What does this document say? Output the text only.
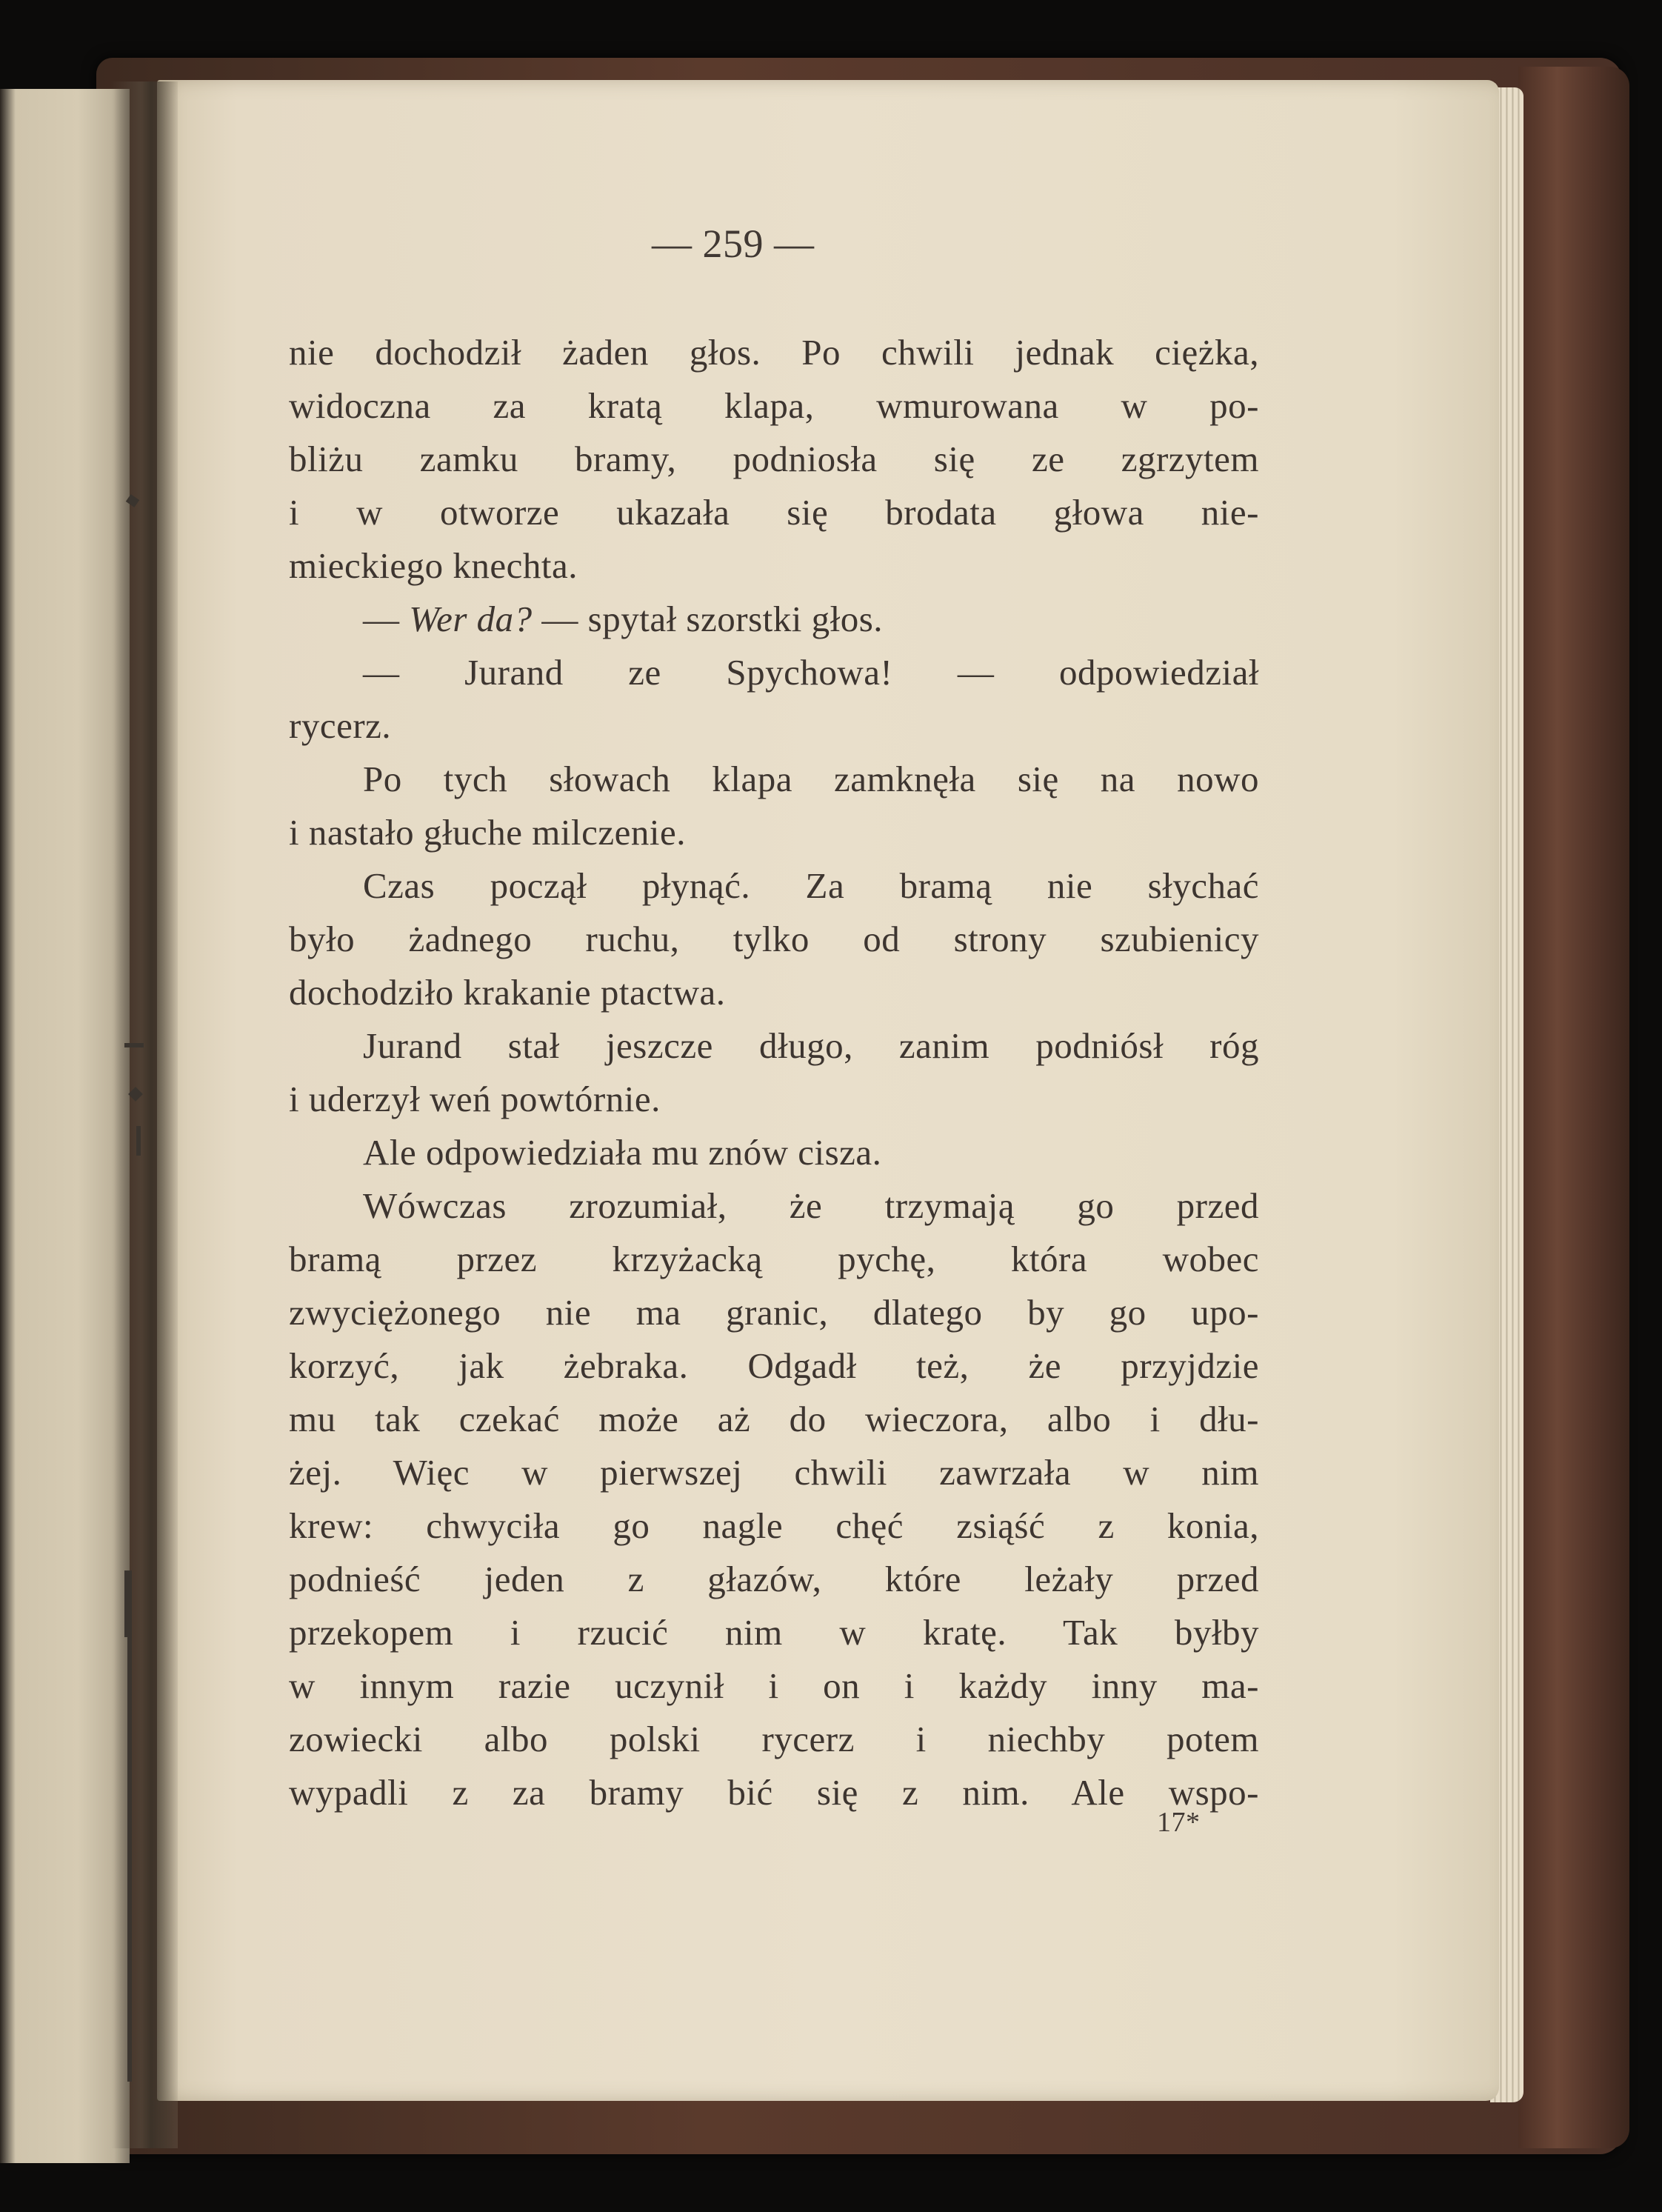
— 259 —
nie dochodził żaden głos. Po chwili jednak ciężka,
widoczna za kratą klapa, wmurowana w po-
bliżu zamku bramy, podniosła się ze zgrzytem
i w otworze ukazała się brodata głowa nie-
mieckiego knechta.
— Wer da? — spytał szorstki głos.
— Jurand ze Spychowa! — odpowiedział
rycerz.
Po tych słowach klapa zamknęła się na nowo
i nastało głuche milczenie.
Czas począł płynąć. Za bramą nie słychać
było żadnego ruchu, tylko od strony szubienicy
dochodziło krakanie ptactwa.
Jurand stał jeszcze długo, zanim podniósł róg
i uderzył weń powtórnie.
Ale odpowiedziała mu znów cisza.
Wówczas zrozumiał, że trzymają go przed
bramą przez krzyżacką pychę, która wobec
zwyciężonego nie ma granic, dlatego by go upo-
korzyć, jak żebraka. Odgadł też, że przyjdzie
mu tak czekać może aż do wieczora, albo i dłu-
żej. Więc w pierwszej chwili zawrzała w nim
krew: chwyciła go nagle chęć zsiąść z konia,
podnieść jeden z głazów, które leżały przed
przekopem i rzucić nim w kratę. Tak byłby
w innym razie uczynił i on i każdy inny ma-
zowiecki albo polski rycerz i niechby potem
wypadli z za bramy bić się z nim. Ale wspo-
17*
